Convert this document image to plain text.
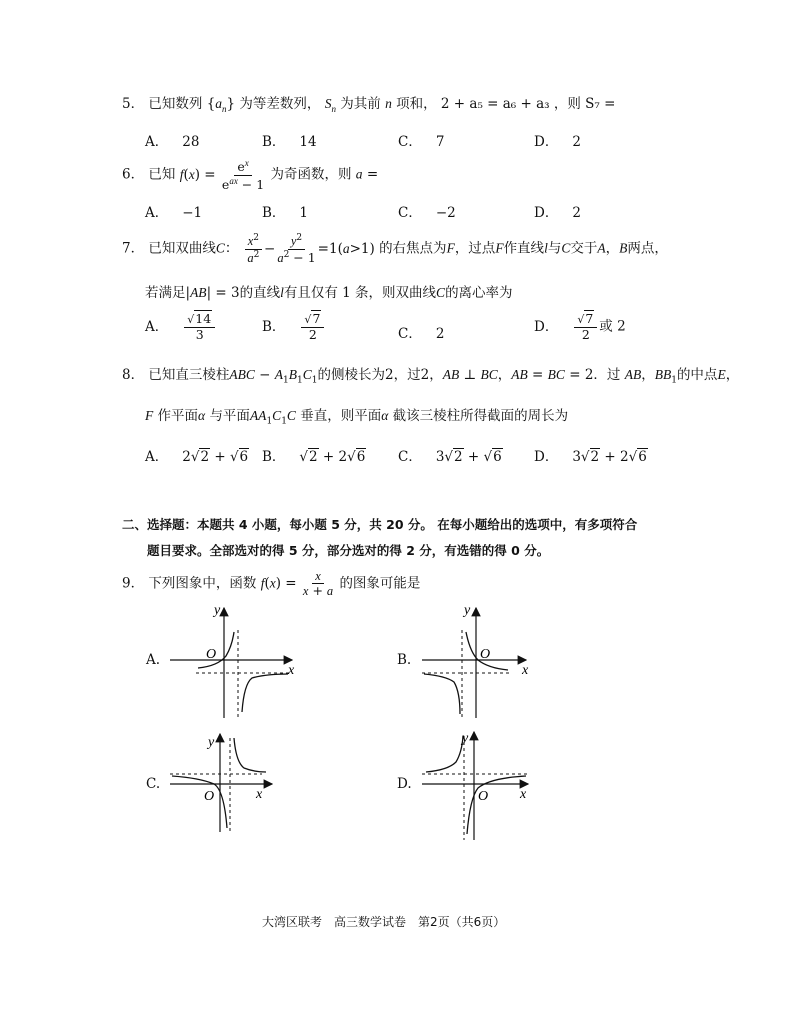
5． 已知数列 $\{a_n\}$ 为等差数列， $S_n$ 为其前 n 项和， 2 + a₅ = a₆ + a₃ ，则 S₇ =
A． 28	B． 14	C． 7	D． 2
6． 已知 $f(x) = \frac{e^x}{e^{ax} - 1}$ 为奇函数，则 a =
A． −1	B． 1	C． −2	D． 2
7． 已知双曲线C： $\frac{x^2}{a^2} - \frac{y^2}{a^2 - 1} =1(a>1)$ 的右焦点为F，过点F作直线l与C交于A，B两点，
若满足|AB| = 3的直线l有且仅有 1 条，则双曲线C的离心率为
A． $\frac{√14}{3}$	B． $\frac{√7}{2}$	C． 2	D． $\frac{√7}{2}$ 或 2
8． 已知直三棱柱ABC − $A_1B_1C_1$的侧棱长为2，过2，AB ⊥ BC，AB = BC = 2．过 AB，$BB_1$的中点E，
F 作平面α 与平面$AA_1C_1C$ 垂直，则平面α 截该三棱柱所得截面的周长为
A． 2√2 + √6 B． √2 + 2√6 C． 3√2 + √6 D． 3√2 + 2√6
二、选择题：本题共 4 小题，每小题 5 分，共 20 分。 在每小题给出的选项中，有多项符合
题目要求。全部选对的得 5 分，部分选对的得 2 分，有选错的得 0 分。
9． 下列图象中，函数 $f(x) = \frac{x}{x + a}$ 的图象可能是
A.
y
x
O	B.
y
x
O
C.
y
x
O
D.
y
x
O
大湾区联考　高三数学试卷　第2页（共6页）
